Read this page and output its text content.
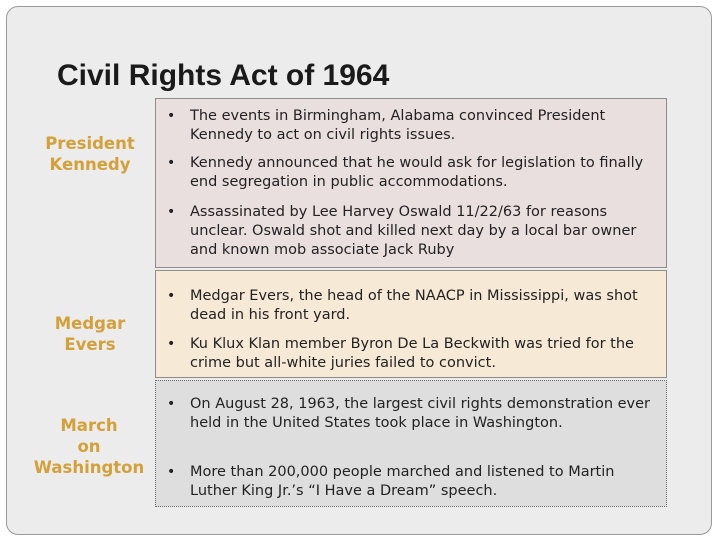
Civil Rights Act of 1964
President
Kennedy
Medgar
Evers
March
on
Washington
• The events in Birmingham, Alabama convinced President Kennedy to act on civil rights issues.
• Kennedy announced that he would ask for legislation to finally end segregation in public accommodations.
• Assassinated by Lee Harvey Oswald 11/22/63 for reasons unclear. Oswald shot and killed next day by a local bar owner and known mob associate Jack Ruby
• Medgar Evers, the head of the NAACP in Mississippi, was shot dead in his front yard.
• Ku Klux Klan member Byron De La Beckwith was tried for the crime but all-white juries failed to convict.
• On August 28, 1963, the largest civil rights demonstration ever held in the United States took place in Washington.
• More than 200,000 people marched and listened to Martin Luther King Jr.’s “I Have a Dream” speech.
